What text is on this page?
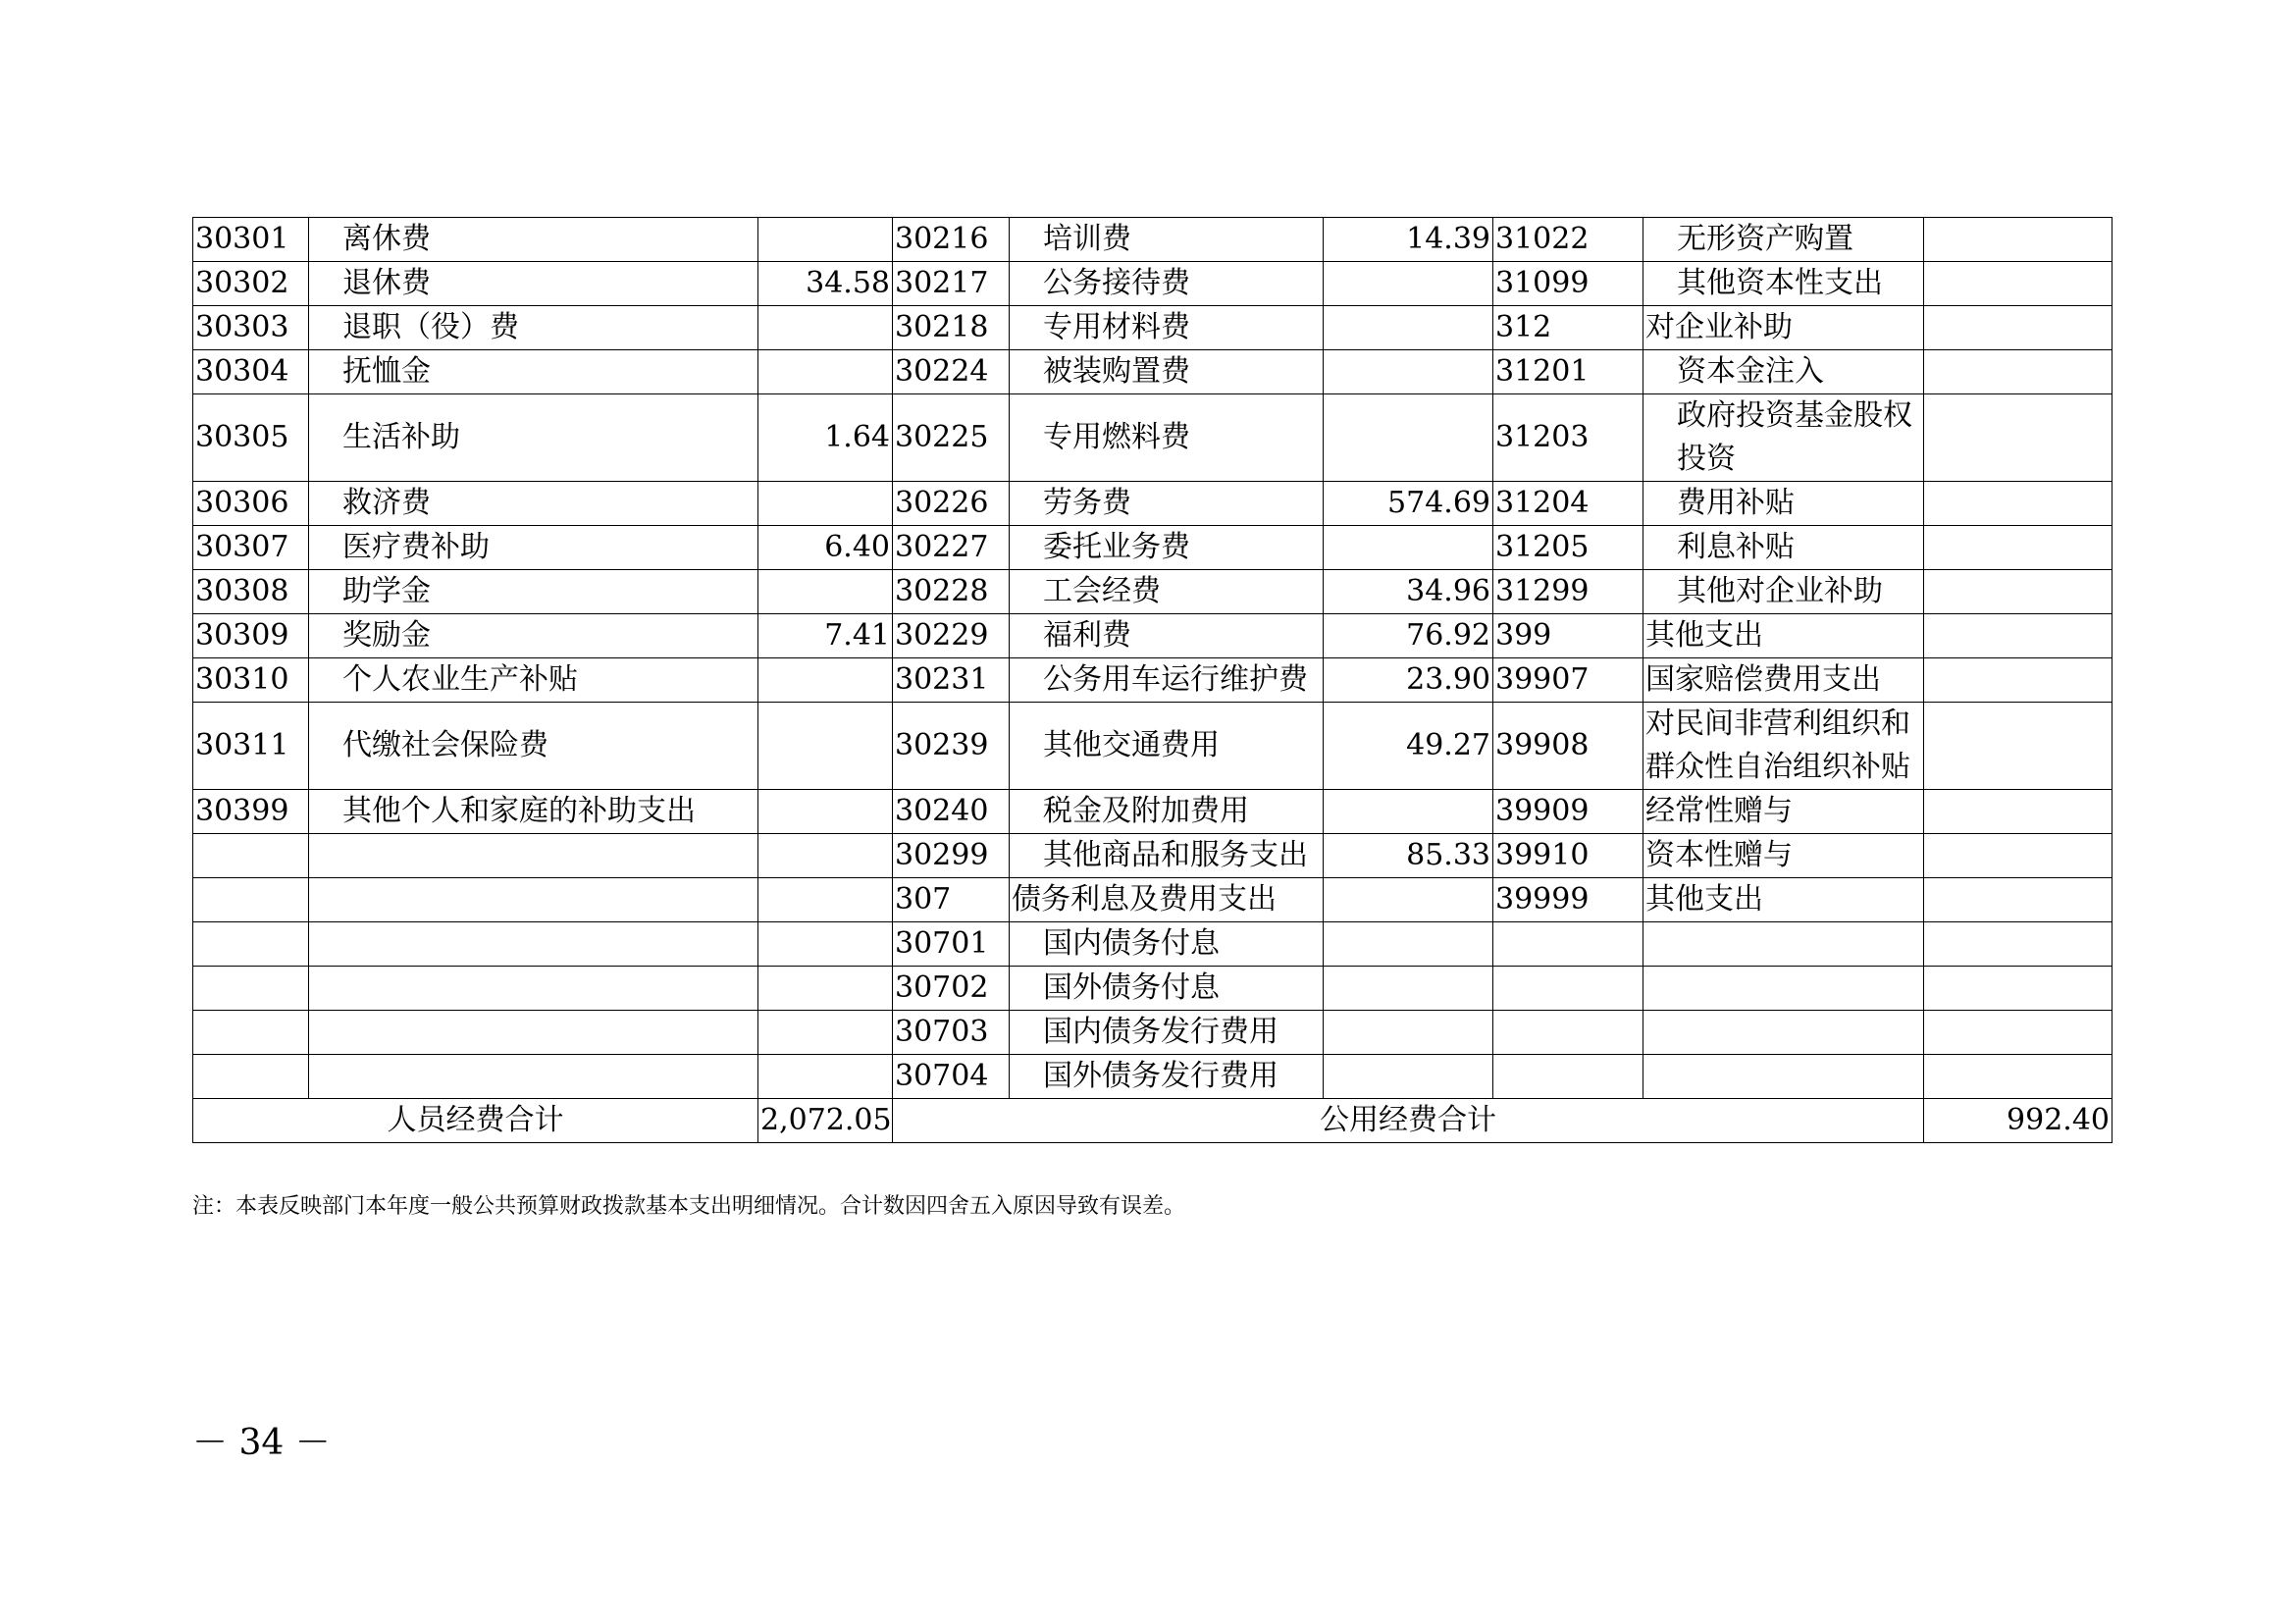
30301	离休费		30216	培训费	14.39	31022	无形资产购置	
30302	退休费	34.58	30217	公务接待费		31099	其他资本性支出	
30303	退职（役）费		30218	专用材料费		312	对企业补助	
30304	抚恤金		30224	被装购置费		31201	资本金注入	
30305	生活补助	1.64	30225	专用燃料费		31203	政府投资基金股权
投资	
30306	救济费		30226	劳务费	574.69	31204	费用补贴	
30307	医疗费补助	6.40	30227	委托业务费		31205	利息补贴	
30308	助学金		30228	工会经费	34.96	31299	其他对企业补助	
30309	奖励金	7.41	30229	福利费	76.92	399	其他支出	
30310	个人农业生产补贴		30231	公务用车运行维护费	23.90	39907	国家赔偿费用支出	
30311	代缴社会保险费		30239	其他交通费用	49.27	39908	对民间非营利组织和
群众性自治组织补贴	
30399	其他个人和家庭的补助支出		30240	税金及附加费用		39909	经常性赠与	
			30299	其他商品和服务支出	85.33	39910	资本性赠与	
			307	债务利息及费用支出		39999	其他支出	
			30701	国内债务付息				
			30702	国外债务付息				
			30703	国内债务发行费用				
			30704	国外债务发行费用				
人员经费合计		2,072.05	公用经费合计					992.40
注：本表反映部门本年度一般公共预算财政拨款基本支出明细情况。合计数因四舍五入原因导致有误差。
－ 34 －
